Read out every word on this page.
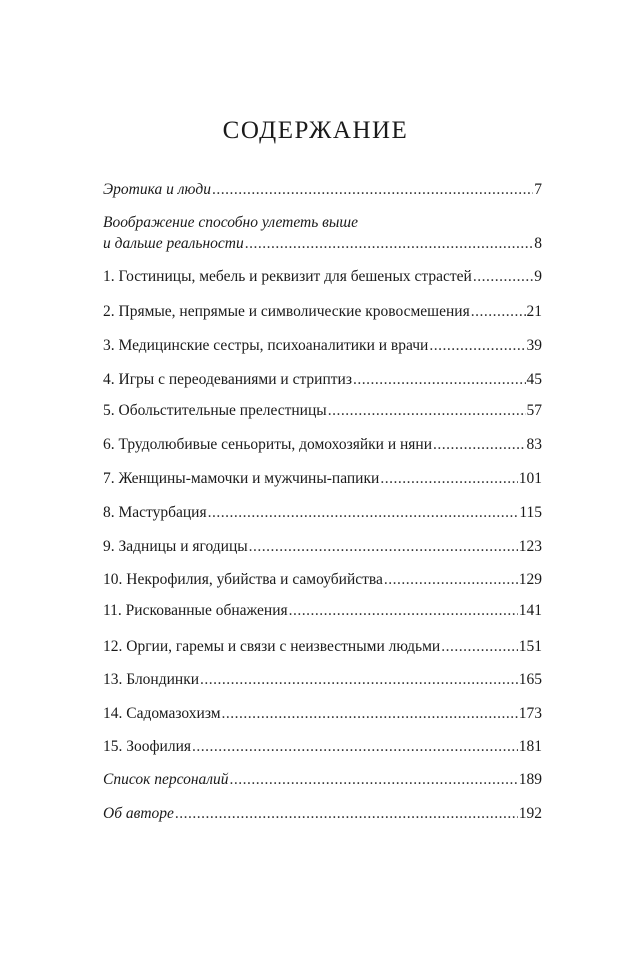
СОДЕРЖАНИЕ
Эротика и люди .....	7
Воображение способно улететь выше
и дальше реальности .....	8
1. Гостиницы, мебель и реквизит для бешеных страстей .....	9
2. Прямые, непрямые и символические кровосмешения .....	21
3. Медицинские сестры, психоаналитики и врачи .....	39
4. Игры с переодеваниями и стриптиз .....	45
5. Обольстительные прелестницы .....	57
6. Трудолюбивые сеньориты, домохозяйки и няни .....	83
7. Женщины-мамочки и мужчины-папики .....	101
8. Мастурбация .....	115
9. Задницы и ягодицы .....	123
10. Некрофилия, убийства и самоубийства .....	129
11. Рискованные обнажения .....	141
12. Оргии, гаремы и связи с неизвестными людьми .....	151
13. Блондинки .....	165
14. Садомазохизм .....	173
15. Зоофилия .....	181
Список персоналий .....	189
Об авторе .....	192
